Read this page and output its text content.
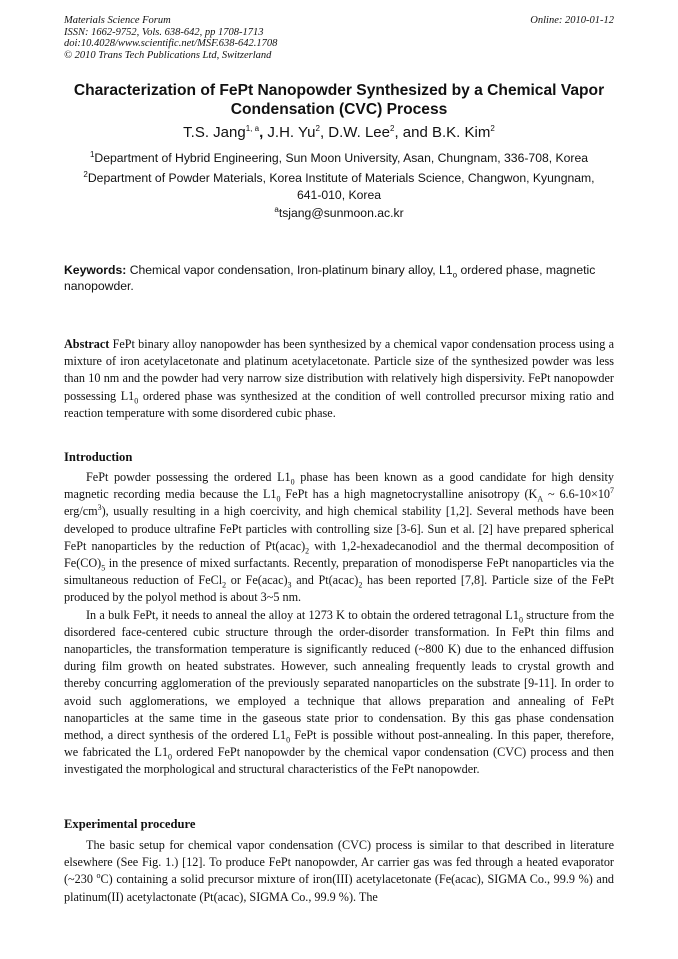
Materials Science Forum
ISSN: 1662-9752, Vols. 638-642, pp 1708-1713
doi:10.4028/www.scientific.net/MSF.638-642.1708
© 2010 Trans Tech Publications Ltd, Switzerland
Online: 2010-01-12
Characterization of FePt Nanopowder Synthesized by a Chemical Vapor
Condensation (CVC) Process
T.S. Jang$^{1, a}$, J.H. Yu$^2$, D.W. Lee$^2$, and B.K. Kim$^2$
$^1$Department of Hybrid Engineering, Sun Moon University, Asan, Chungnam, 336-708, Korea
$^2$Department of Powder Materials, Korea Institute of Materials Science, Changwon, Kyungnam,
641-010, Korea
$^a$tsjang@sunmoon.ac.kr
Keywords: Chemical vapor condensation, Iron-platinum binary alloy, $L1_o$ ordered phase, magnetic nanopowder.
Abstract FePt binary alloy nanopowder has been synthesized by a chemical vapor condensation process using a mixture of iron acetylacetonate and platinum acetylacetonate. Particle size of the synthesized powder was less than 10 nm and the powder had very narrow size distribution with relatively high dispersivity. FePt nanopowder possessing $L1_0$ ordered phase was synthesized at the condition of well controlled precursor mixing ratio and reaction temperature with some disordered cubic phase.
Introduction

FePt powder possessing the ordered $L1_0$ phase has been known as a good candidate for high density magnetic recording media because the $L1_0$ FePt has a high magnetocrystalline anisotropy ($K_A$ ~ $6.6-10\times 10^7$ erg/$cm^3$), usually resulting in a high coercivity, and high chemical stability [1,2]. Several methods have been developed to produce ultrafine FePt particles with controlling size [3-6]. Sun et al. [2] have prepared spherical FePt nanoparticles by the reduction of $Pt(acac)_2$ with 1,2-hexadecanodiol and the thermal decomposition of $Fe(CO)_5$ in the presence of mixed surfactants. Recently, preparation of monodisperse FePt nanoparticles via the simultaneous reduction of FeCl$_2$ or $Fe(acac)_3$ and $Pt(acac)_2$ has been reported [7,8]. Particle size of the FePt produced by the polyol method is about 3~5 nm.

In a bulk FePt, it needs to anneal the alloy at 1273 K to obtain the ordered tetragonal $L1_0$ structure from the disordered face-centered cubic structure through the order-disorder transformation. In FePt thin films and nanoparticles, the transformation temperature is significantly reduced (~800 K) due to the enhanced diffusion during film growth on heated substrates. However, such annealing frequently leads to crystal growth and thereby concurring agglomeration of the previously separated nanoparticles on the substrate [9-11]. In order to avoid such agglomerations, we employed a technique that allows preparation and annealing of FePt nanoparticles at the same time in the gaseous state prior to condensation. By this gas phase condensation method, a direct synthesis of the ordered $L1_0$ FePt is possible without post-annealing. In this paper, therefore, we fabricated the $L1_0$ ordered FePt nanopowder by the chemical vapor condensation (CVC) process and then investigated the morphological and structural characteristics of the FePt nanopowder.

Experimental procedure

The basic setup for chemical vapor condensation (CVC) process is similar to that described in literature elsewhere (See Fig. 1.) [12]. To produce FePt nanopowder, Ar carrier gas was fed through a heated evaporator (~230 $^o$C) containing a solid precursor mixture of iron(III) acetylacetonate (Fe(acac), SIGMA Co., 99.9 %) and platinum(II) acetylactonate (Pt(acac), SIGMA Co., 99.9 %). The
